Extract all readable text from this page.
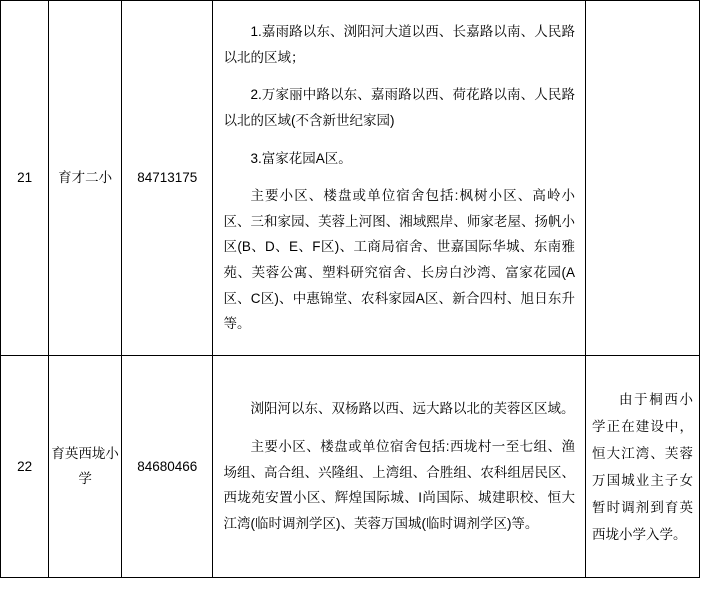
21	育才二小	84713175	1.嘉雨路以东、浏阳河大道以西、长嘉路以南、人民路以北的区域；

2.万家丽中路以东、嘉雨路以西、荷花路以南、人民路以北的区域(不含新世纪家园)

3.富家花园A区。

主要小区、楼盘或单位宿舍包括:枫树小区、高岭小区、三和家园、芙蓉上河图、湘域熙岸、师家老屋、扬帆小区(B、D、E、F区)、工商局宿舍、世嘉国际华城、东南雅苑、芙蓉公寓、塑料研究宿舍、长房白沙湾、富家花园(A区、C区)、中惠锦堂、农科家园A区、新合四村、旭日东升等。	

22	育英西垅小学	84680466	浏阳河以东、双杨路以西、远大路以北的芙蓉区区域。

主要小区、楼盘或单位宿舍包括:西垅村一至七组、渔场组、高合组、兴隆组、上湾组、合胜组、农科组居民区、西垅苑安置小区、辉煌国际城、I尚国际、城建职校、恒大江湾(临时调剂学区)、芙蓉万国城(临时调剂学区)等。	由于桐西小学正在建设中，恒大江湾、芙蓉万国城业主子女暂时调剂到育英西垅小学入学。
